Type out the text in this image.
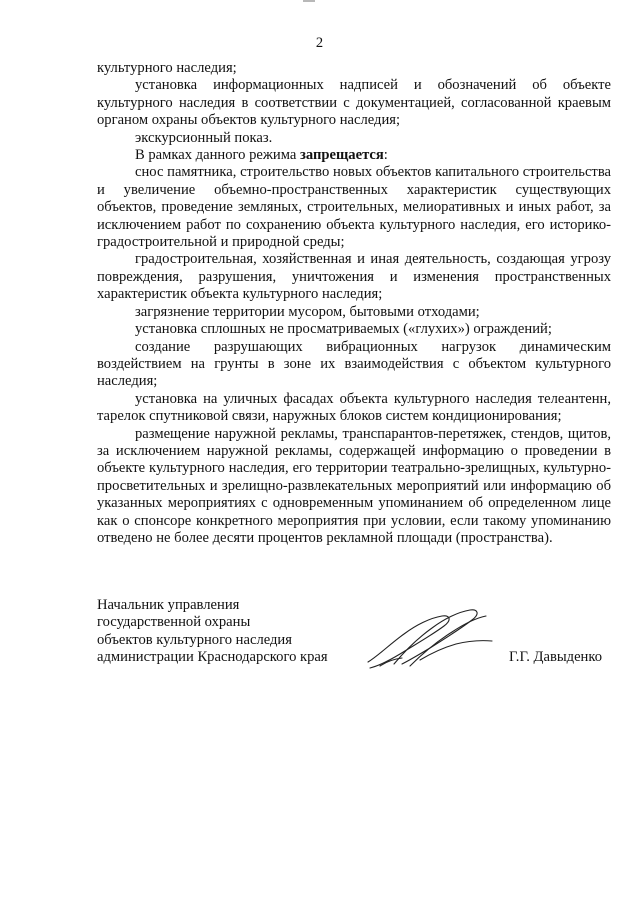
2

культурного наследия;

установка информационных надписей и обозначений об объекте культурного наследия в соответствии с документацией, согласованной краевым органом охраны объектов культурного наследия;

экскурсионный показ.

В рамках данного режима запрещается:

снос памятника, строительство новых объектов капитального строительства и увеличение объемно-пространственных характеристик существующих объектов, проведение земляных, строительных, мелиоративных и иных работ, за исключением работ по сохранению объекта культурного наследия, его историко-градостроительной и природной среды;

градостроительная, хозяйственная и иная деятельность, создающая угрозу повреждения, разрушения, уничтожения и изменения пространственных характеристик объекта культурного наследия;

загрязнение территории мусором, бытовыми отходами;

установка сплошных не просматриваемых («глухих») ограждений;

создание разрушающих вибрационных нагрузок динамическим воздействием на грунты в зоне их взаимодействия с объектом культурного наследия;

установка на уличных фасадах объекта культурного наследия телеантенн, тарелок спутниковой связи, наружных блоков систем кондиционирования;

размещение наружной рекламы, транспарантов-перетяжек, стендов, щитов, за исключением наружной рекламы, содержащей информацию о проведении в объекте культурного наследия, его территории театрально-зрелищных, культурно-просветительных и зрелищно-развлекательных мероприятий или информацию об указанных мероприятиях с одновременным упоминанием об определенном лице как о спонсоре конкретного мероприятия при условии, если такому упоминанию отведено не более десяти процентов рекламной площади (пространства).

Начальник управления
государственной охраны
объектов культурного наследия
администрации Краснодарского края	Г.Г. Давыденко
